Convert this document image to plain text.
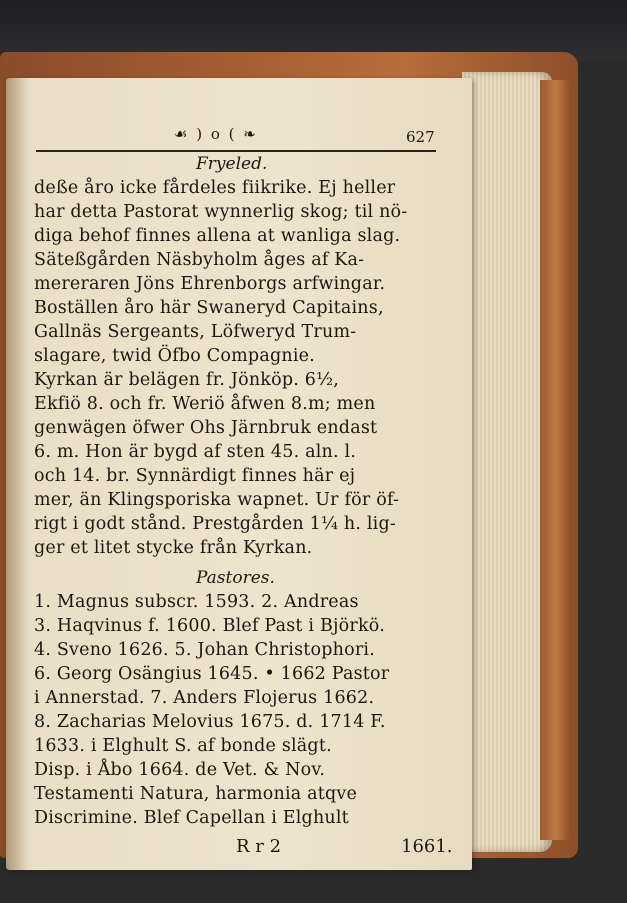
☙ ) o ( ❧	627
Fryeled.
deße åro icke fårdeles fiikrike. Ej heller
har detta Pastorat wynnerlig skog; til nö-
diga behof finnes allena at wanliga slag.
Säteßgården Näsbyholm åges af Ka-
mereraren Jöns Ehrenborgs arfwingar.
Boställen åro här Swaneryd Capitains,
Gallnäs Sergeants, Löfweryd Trum-
slagare, twid Öfbo Compagnie.
Kyrkan är belägen fr. Jönköp. 6½,
Ekfiö 8. och fr. Weriö åfwen 8.m; men
genwägen öfwer Ohs Järnbruk endast
6. m. Hon är bygd af sten 45. aln. l.
och 14. br. Synnärdigt finnes här ej
mer, än Klingsporiska wapnet. Ur för öf-
rigt i godt stånd. Prestgården 1¼ h. lig-
ger et litet stycke från Kyrkan.
Pastores.
1. Magnus subscr. 1593. 2. Andreas
3. Haqvinus f. 1600. Blef Past i Björkö.
4. Sveno 1626. 5. Johan Christophori.
6. Georg Osängius 1645. • 1662 Pastor
i Annerstad. 7. Anders Flojerus 1662.
8. Zacharias Melovius 1675. d. 1714 F.
1633. i Elghult S. af bonde slägt.
Disp. i Åbo 1664. de Vet. & Nov.
Testamenti Natura, harmonia atqve
Discrimine. Blef Capellan i Elghult
R r 2	1661.
